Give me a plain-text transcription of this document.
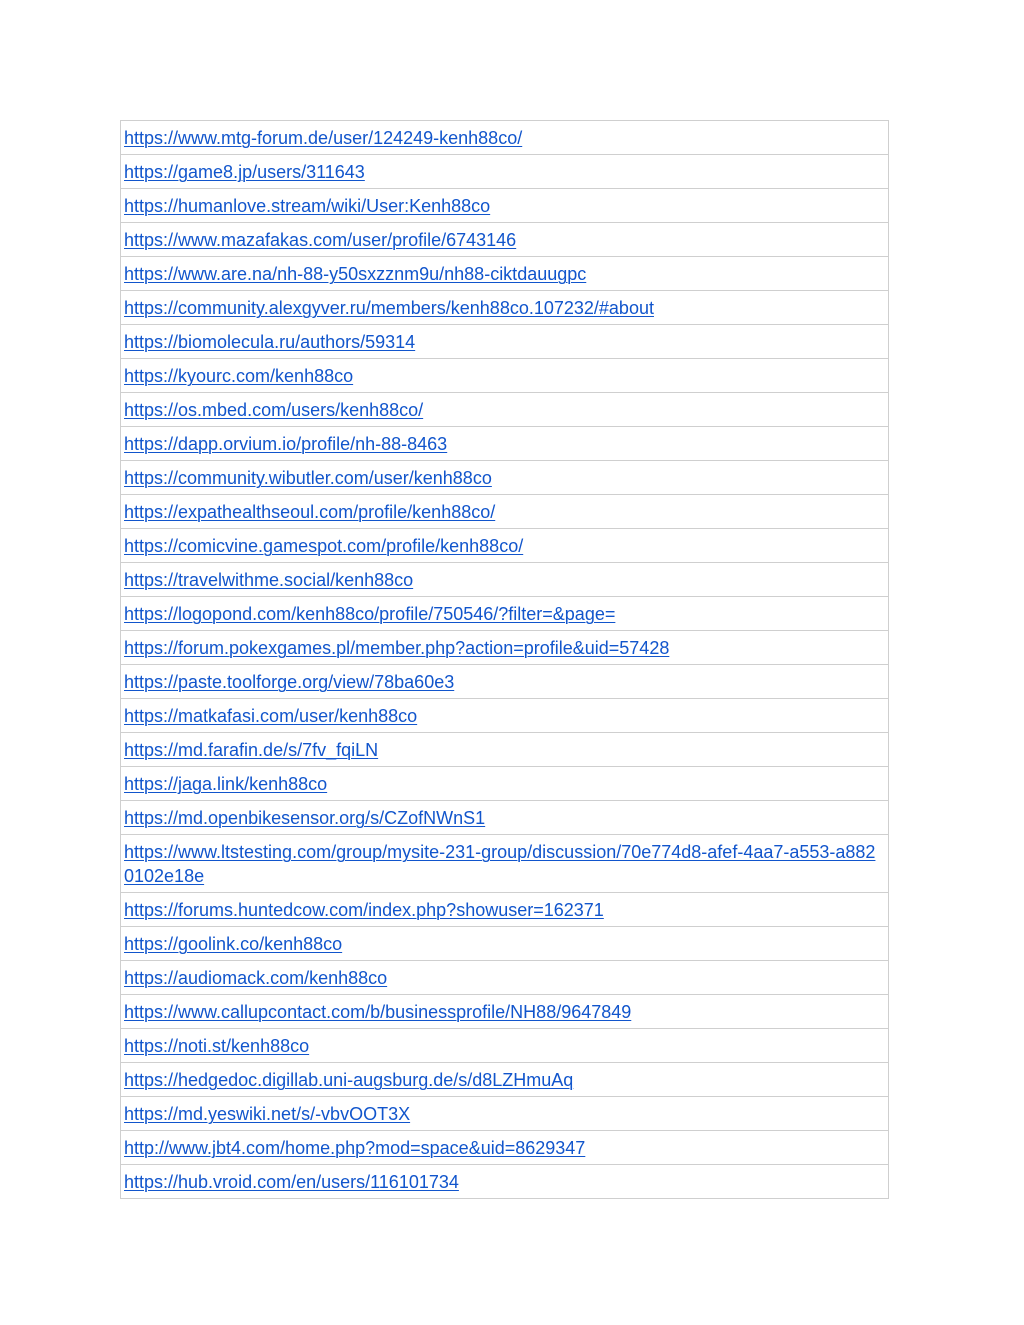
https://www.mtg-forum.de/user/124249-kenh88co/
https://game8.jp/users/311643
https://humanlove.stream/wiki/User:Kenh88co
https://www.mazafakas.com/user/profile/6743146
https://www.are.na/nh-88-y50sxzznm9u/nh88-ciktdauugpc
https://community.alexgyver.ru/members/kenh88co.107232/#about
https://biomolecula.ru/authors/59314
https://kyourc.com/kenh88co
https://os.mbed.com/users/kenh88co/
https://dapp.orvium.io/profile/nh-88-8463
https://community.wibutler.com/user/kenh88co
https://expathealthseoul.com/profile/kenh88co/
https://comicvine.gamespot.com/profile/kenh88co/
https://travelwithme.social/kenh88co
https://logopond.com/kenh88co/profile/750546/?filter=&page=
https://forum.pokexgames.pl/member.php?action=profile&uid=57428
https://paste.toolforge.org/view/78ba60e3
https://matkafasi.com/user/kenh88co
https://md.farafin.de/s/7fv_fqiLN
https://jaga.link/kenh88co
https://md.openbikesensor.org/s/CZofNWnS1
https://www.ltstesting.com/group/mysite-231-group/discussion/70e774d8-afef-4aa7-a553-a8820102e18e
https://forums.huntedcow.com/index.php?showuser=162371
https://goolink.co/kenh88co
https://audiomack.com/kenh88co
https://www.callupcontact.com/b/businessprofile/NH88/9647849
https://noti.st/kenh88co
https://hedgedoc.digillab.uni-augsburg.de/s/d8LZHmuAq
https://md.yeswiki.net/s/-vbvOOT3X
http://www.jbt4.com/home.php?mod=space&uid=8629347
https://hub.vroid.com/en/users/116101734
